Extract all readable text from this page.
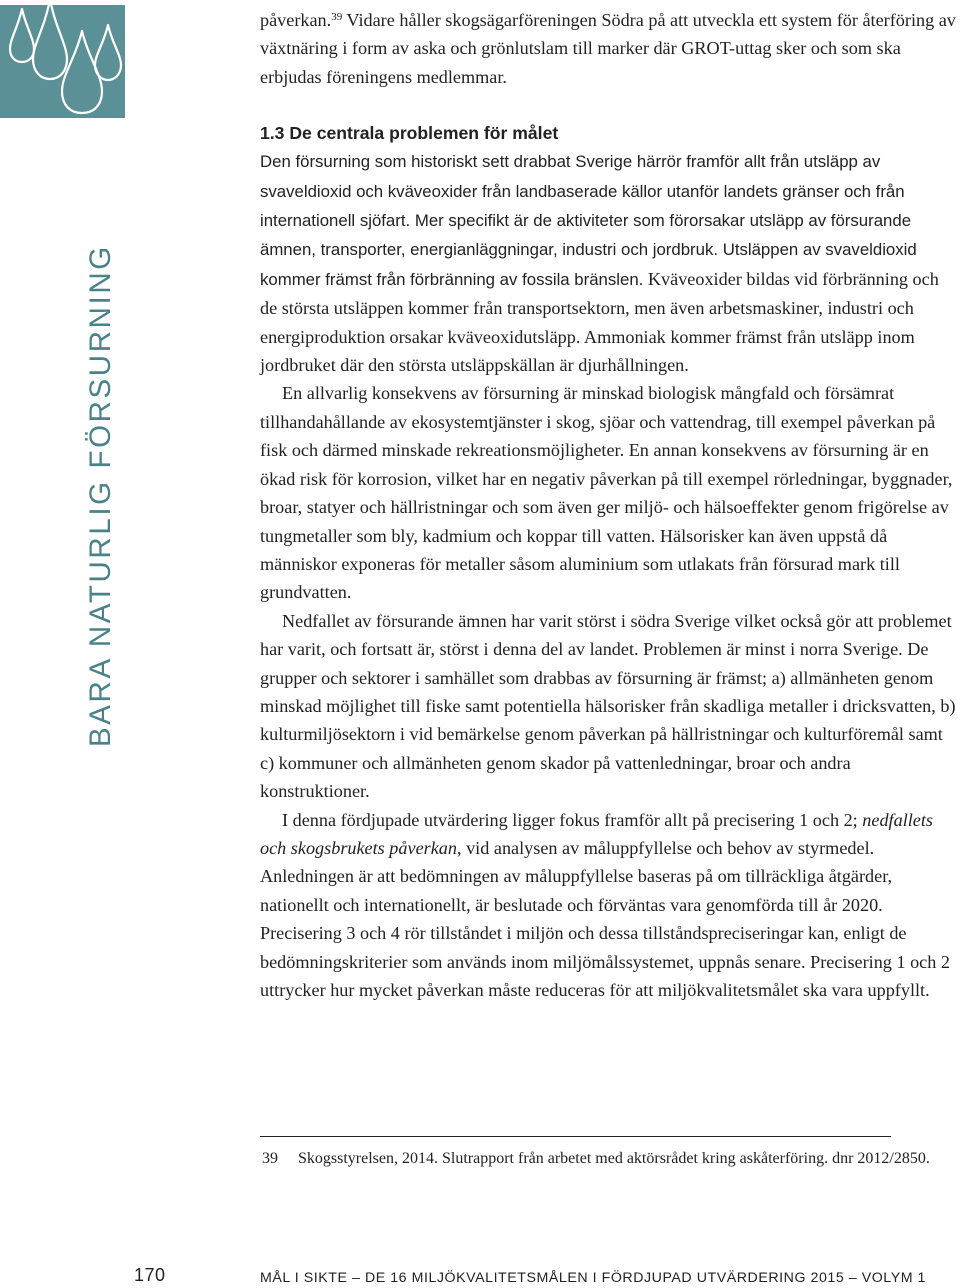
BARA NATURLIG FÖRSURNING

påverkan.$^{39}$ Vidare håller skogsägarföreningen Södra på att utveckla ett system för återföring av växtnäring i form av aska och grönlutslam till marker där GROT-uttag sker och som ska erbjudas föreningens medlemmar.

1.3 De centrala problemen för målet

Den försurning som historiskt sett drabbat Sverige härrör framför allt från utsläpp av svaveldioxid och kväveoxider från landbaserade källor utanför landets gränser och från internationell sjöfart. Mer specifikt är de aktiviteter som förorsakar utsläpp av försurande ämnen, transporter, energianläggningar, industri och jordbruk. Utsläppen av svaveldioxid kommer främst från förbränning av fossila bränslen. Kväveoxider bildas vid förbränning och de största utsläppen kommer från transportsektorn, men även arbetsmaskiner, industri och energiproduktion orsakar kväveoxidutsläpp. Ammoniak kommer främst från utsläpp inom jordbruket där den största utsläppskällan är djurhållningen.

En allvarlig konsekvens av försurning är minskad biologisk mångfald och försämrat tillhandahållande av ekosystemtjänster i skog, sjöar och vattendrag, till exempel påverkan på fisk och därmed minskade rekreationsmöjligheter. En annan konsekvens av försurning är en ökad risk för korrosion, vilket har en negativ påverkan på till exempel rörledningar, byggnader, broar, statyer och hällristningar och som även ger miljö- och hälsoeffekter genom frigörelse av tungmetaller som bly, kadmium och koppar till vatten. Hälsorisker kan även uppstå då människor exponeras för metaller såsom aluminium som utlakats från försurad mark till grundvatten.

Nedfallet av försurande ämnen har varit störst i södra Sverige vilket också gör att problemet har varit, och fortsatt är, störst i denna del av landet. Problemen är minst i norra Sverige. De grupper och sektorer i samhället som drabbas av försurning är främst; a) allmänheten genom minskad möjlighet till fiske samt potentiella hälsorisker från skadliga metaller i dricksvatten, b) kulturmiljösektorn i vid bemärkelse genom påverkan på hällristningar och kulturföremål samt c) kommuner och allmänheten genom skador på vattenledningar, broar och andra konstruktioner.

I denna fördjupade utvärdering ligger fokus framför allt på precisering 1 och 2; nedfallets och skogsbrukets påverkan, vid analysen av måluppfyllelse och behov av styrmedel. Anledningen är att bedömningen av måluppfyllelse baseras på om tillräckliga åtgärder, nationellt och internationellt, är beslutade och förväntas vara genomförda till år 2020. Precisering 3 och 4 rör tillståndet i miljön och dessa tillståndspreciseringar kan, enligt de bedömningskriterier som används inom miljömålssystemet, uppnås senare. Precisering 1 och 2 uttrycker hur mycket påverkan måste reduceras för att miljökvalitetsmålet ska vara uppfyllt.

39	Skogsstyrelsen, 2014. Slutrapport från arbetet med aktörsrådet kring askåterföring. dnr 2012/2850.
170	MÅL I SIKTE – DE 16 MILJÖKVALITETSMÅLEN I FÖRDJUPAD UTVÄRDERING 2015 – VOLYM 1
